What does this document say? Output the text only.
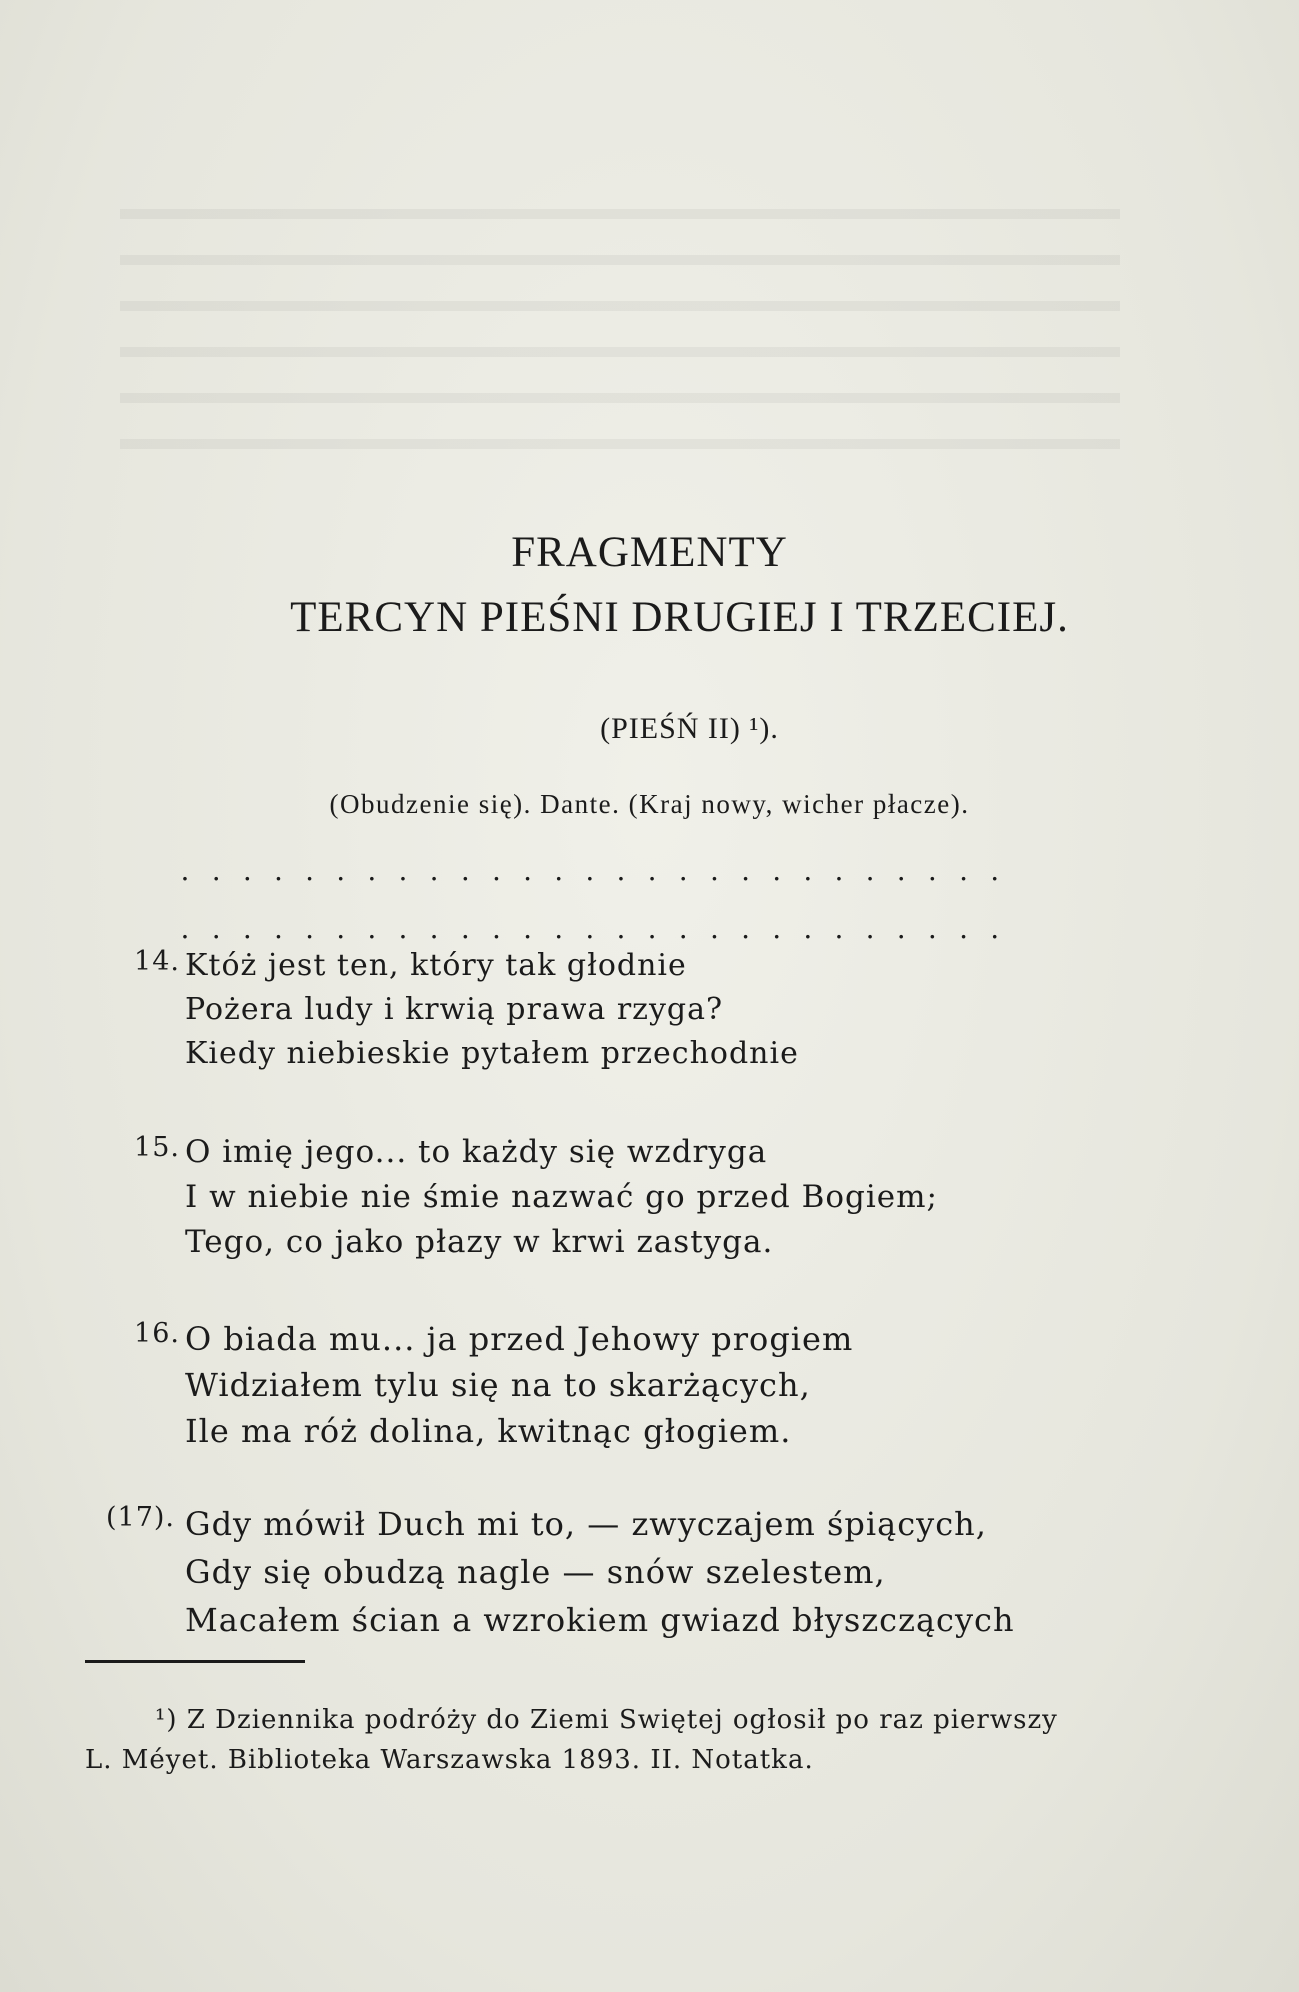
FRAGMENTY
TERCYN PIEŚNI DRUGIEJ I TRZECIEJ.
(PIEŚŃ II) ¹).
(Obudzenie się). Dante. (Kraj nowy, wicher płacze).
. . . . . . . . . . . . . . . . . . . . . . . . . . .
. . . . . . . . . . . . . . . . . . . . . . . . . . .
14. Któż jest ten, który tak głodnie
Pożera ludy i krwią prawa rzyga?
Kiedy niebieskie pytałem przechodnie
15. O imię jego... to każdy się wzdryga
I w niebie nie śmie nazwać go przed Bogiem;
Tego, co jako płazy w krwi zastyga.
16. O biada mu... ja przed Jehowy progiem
Widziałem tylu się na to skarżących,
Ile ma róż dolina, kwitnąc głogiem.
(17). Gdy mówił Duch mi to, — zwyczajem śpiących,
Gdy się obudzą nagle — snów szelestem,
Macałem ścian a wzrokiem gwiazd błyszczących
¹) Z Dziennika podróży do Ziemi Swiętej ogłosił po raz pierwszy
L. Méyet. Biblioteka Warszawska 1893. II. Notatka.
